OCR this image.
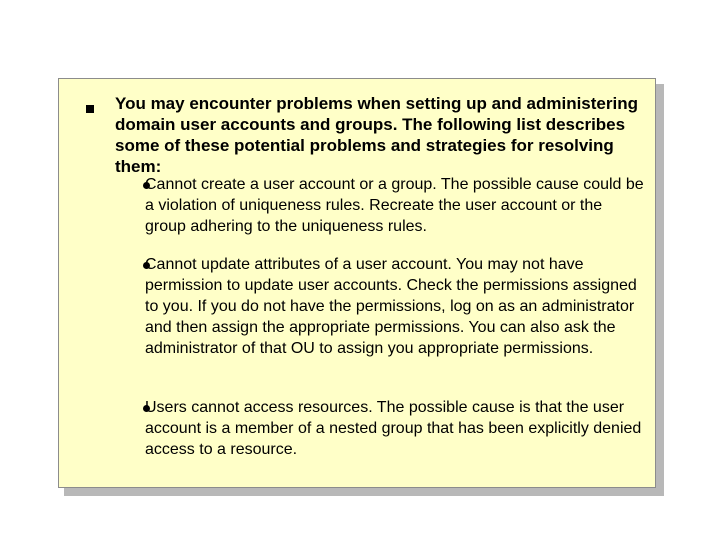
You may encounter problems when setting up and administering domain user accounts and groups. The following list describes some of these potential problems and strategies for resolving them:

Cannot create a user account or a group. The possible cause could be a violation of uniqueness rules. Recreate the user account or the group adhering to the uniqueness rules.

Cannot update attributes of a user account. You may not have permission to update user accounts. Check the permissions assigned to you. If you do not have the permissions, log on as an administrator and then assign the appropriate permissions. You can also ask the administrator of that OU to assign you appropriate permissions.

Users cannot access resources. The possible cause is that the user account is a member of a nested group that has been explicitly denied access to a resource.
